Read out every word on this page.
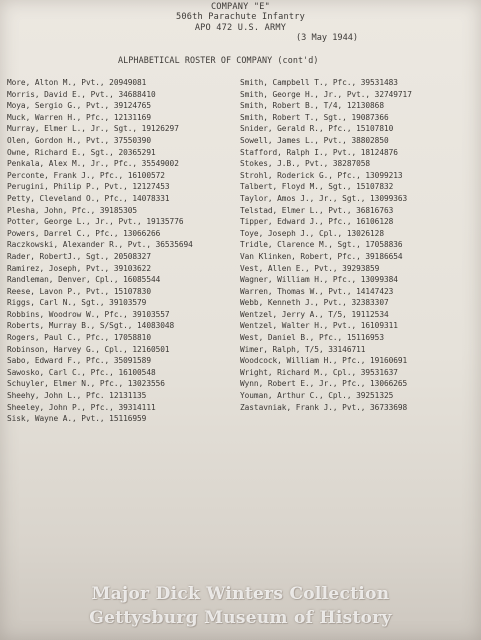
COMPANY "E"
506th Parachute Infantry
APO 472 U.S. ARMY
(3 May 1944)
ALPHABETICAL ROSTER OF COMPANY (cont'd)
More, Alton M., Pvt., 20949081
Morris, David E., Pvt., 34688410
Moya, Sergio G., Pvt., 39124765
Muck, Warren H., Pfc., 12131169
Murray, Elmer L., Jr., Sgt., 19126297
Olen, Gordon H., Pvt., 37550390
Owne, Richard E., Sgt., 20365291
Penkala, Alex M., Jr., Pfc., 35549002
Perconte, Frank J., Pfc., 16100572
Perugini, Philip P., Pvt., 12127453
Petty, Cleveland O., Pfc., 14078331
Plesha, John, Pfc., 39185305
Potter, George L., Jr., Pvt., 19135776
Powers, Darrel C., Pfc., 13066266
Raczkowski, Alexander R., Pvt., 36535694
Rader, RobertJ., Sgt., 20508327
Ramirez, Joseph, Pvt., 39103622
Randleman, Denver, Cpl., 16085544
Reese, Lavon P., Pvt., 15107830
Riggs, Carl N., Sgt., 39103579
Robbins, Woodrow W., Pfc., 39103557
Roberts, Murray B., S/Sgt., 14083048
Rogers, Paul C., Pfc., 17058810
Robinson, Harvey G., Cpl., 12160501
Sabo, Edward F., Pfc., 35091589
Sawosko, Carl C., Pfc., 16100548
Schuyler, Elmer N., Pfc., 13023556
Sheehy, John L., Pfc. 12131135
Sheeley, John P., Pfc., 39314111
Sisk, Wayne A., Pvt., 15116959
Smith, Campbell T., Pfc., 39531483
Smith, George H., Jr., Pvt., 32749717
Smith, Robert B., T/4, 12130868
Smith, Robert T., Sgt., 19087366
Snider, Gerald R., Pfc., 15107810
Sowell, James L., Pvt., 38802850
Stafford, Ralph I., Pvt., 18124876
Stokes, J.B., Pvt., 38287058
Strohl, Roderick G., Pfc., 13099213
Talbert, Floyd M., Sgt., 15107832
Taylor, Amos J., Jr., Sgt., 13099363
Telstad, Elmer L., Pvt., 36816763
Tipper, Edward J., Pfc., 16106128
Toye, Joseph J., Cpl., 13026128
Tridle, Clarence M., Sgt., 17058836
Van Klinken, Robert, Pfc., 39186654
Vest, Allen E., Pvt., 39293859
Wagner, William H., Pfc., 13099384
Warren, Thomas W., Pvt., 14147423
Webb, Kenneth J., Pvt., 32383307
Wentzel, Jerry A., T/5, 19112534
Wentzel, Walter H., Pvt., 16109311
West, Daniel B., Pfc., 15116953
Wimer, Ralph, T/5, 33146711
Woodcock, William H., Pfc., 19160691
Wright, Richard M., Cpl., 39531637
Wynn, Robert E., Jr., Pfc., 13066265
Youman, Arthur C., Cpl., 39251325
Zastavniak, Frank J., Pvt., 36733698
Major Dick Winters Collection
Gettysburg Museum of History
